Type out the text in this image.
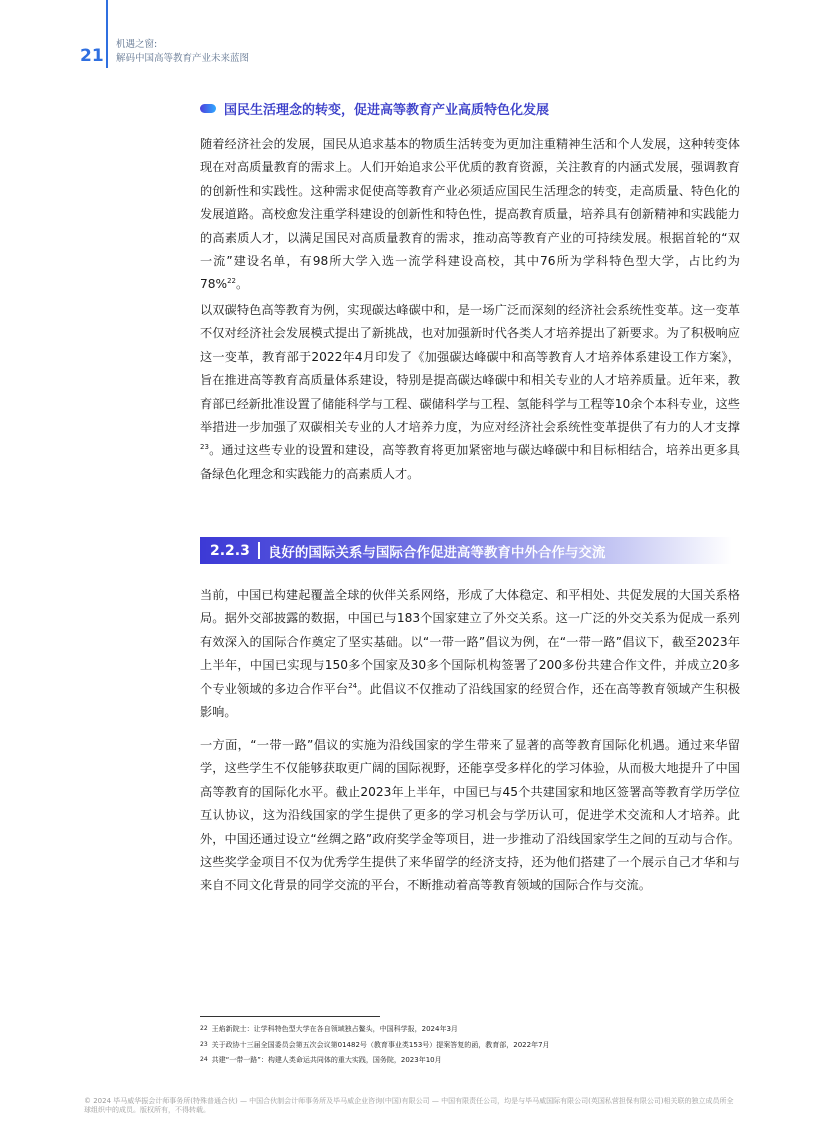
21
机遇之窗:
解码中国高等教育产业未来蓝图
国民生活理念的转变，促进高等教育产业高质特色化发展

随着经济社会的发展，国民从追求基本的物质生活转变为更加注重精神生活和个人发展，这种转变体现在对高质量教育的需求上。人们开始追求公平优质的教育资源，关注教育的内涵式发展，强调教育的创新性和实践性。这种需求促使高等教育产业必须适应国民生活理念的转变，走高质量、特色化的发展道路。高校愈发注重学科建设的创新性和特色性，提高教育质量，培养具有创新精神和实践能力的高素质人才，以满足国民对高质量教育的需求，推动高等教育产业的可持续发展。根据首轮的“双一流”建设名单，有98所大学入选一流学科建设高校，其中76所为学科特色型大学，占比约为78%$^{22}$。

以双碳特色高等教育为例，实现碳达峰碳中和，是一场广泛而深刻的经济社会系统性变革。这一变革不仅对经济社会发展模式提出了新挑战，也对加强新时代各类人才培养提出了新要求。为了积极响应这一变革，教育部于2022年4月印发了《加强碳达峰碳中和高等教育人才培养体系建设工作方案》，旨在推进高等教育高质量体系建设，特别是提高碳达峰碳中和相关专业的人才培养质量。近年来，教育部已经新批准设置了储能科学与工程、碳储科学与工程、氢能科学与工程等10余个本科专业，这些举措进一步加强了双碳相关专业的人才培养力度，为应对经济社会系统性变革提供了有力的人才支撑$^{23}$。通过这些专业的设置和建设，高等教育将更加紧密地与碳达峰碳中和目标相结合，培养出更多具备绿色化理念和实践能力的高素质人才。

2.2.3	良好的国际关系与国际合作促进高等教育中外合作与交流

当前，中国已构建起覆盖全球的伙伴关系网络，形成了大体稳定、和平相处、共促发展的大国关系格局。据外交部披露的数据，中国已与183个国家建立了外交关系。这一广泛的外交关系为促成一系列有效深入的国际合作奠定了坚实基础。以“一带一路”倡议为例，在“一带一路”倡议下，截至2023年上半年，中国已实现与150多个国家及30多个国际机构签署了200多份共建合作文件，并成立20多个专业领域的多边合作平台$^{24}$。此倡议不仅推动了沿线国家的经贸合作，还在高等教育领域产生积极影响。

一方面，“一带一路”倡议的实施为沿线国家的学生带来了显著的高等教育国际化机遇。通过来华留学，这些学生不仅能够获取更广阔的国际视野，还能享受多样化的学习体验，从而极大地提升了中国高等教育的国际化水平。截止2023年上半年，中国已与45个共建国家和地区签署高等教育学历学位互认协议，这为沿线国家的学生提供了更多的学习机会与学历认可，促进学术交流和人才培养。此外，中国还通过设立“丝绸之路”政府奖学金等项目，进一步推动了沿线国家学生之间的互动与合作。这些奖学金项目不仅为优秀学生提供了来华留学的经济支持，还为他们搭建了一个展示自己才华和与来自不同文化背景的同学交流的平台，不断推动着高等教育领域的国际合作与交流。

22 王焰新院士：让学科特色型大学在各自领域独占鳌头，中国科学报，2024年3月
23 关于政协十三届全国委员会第五次会议第01482号（教育事业类153号）提案答复的函，教育部，2022年7月
24 共建“一带一路”：构建人类命运共同体的重大实践，国务院，2023年10月
© 2024 毕马威华振会计师事务所(特殊普通合伙) — 中国合伙制会计师事务所及毕马威企业咨询(中国)有限公司 — 中国有限责任公司，均是与毕马威国际有限公司(英国私营担保有限公司)相关联的独立成员所全球组织中的成员。版权所有，不得转载。
